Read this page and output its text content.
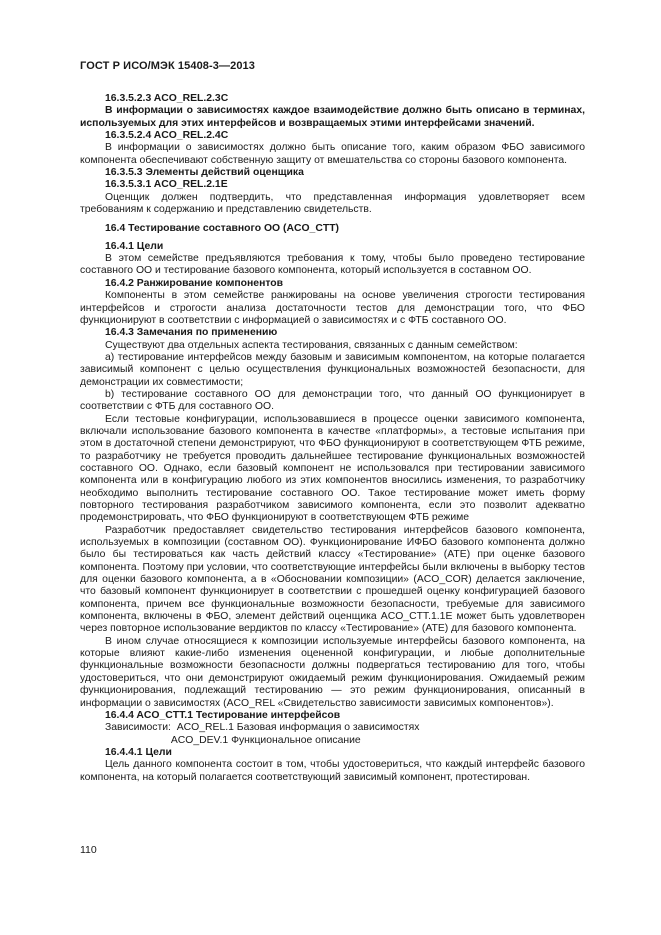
ГОСТ Р ИСО/МЭК 15408-3—2013

16.3.5.2.3 ACO_REL.2.3C

В информации о зависимостях каждое взаимодействие должно быть описано в терминах, используемых для этих интерфейсов и возвращаемых этими интерфейсами значений.

16.3.5.2.4 ACO_REL.2.4C

В информации о зависимостях должно быть описание того, каким образом ФБО зависимого компонента обеспечивают собственную защиту от вмешательства со стороны базового компонента.

16.3.5.3 Элементы действий оценщика

16.3.5.3.1 ACO_REL.2.1E

Оценщик должен подтвердить, что представленная информация удовлетворяет всем требованиям к содержанию и представлению свидетельств.

16.4 Тестирование составного ОО (ACO_CTT)

16.4.1 Цели

В этом семействе предъявляются требования к тому, чтобы было проведено тестирование составного ОО и тестирование базового компонента, который используется в составном ОО.

16.4.2 Ранжирование компонентов

Компоненты в этом семействе ранжированы на основе увеличения строгости тестирования интерфейсов и строгости анализа достаточности тестов для демонстрации того, что ФБО функционируют в соответствии с информацией о зависимостях и с ФТБ составного ОО.

16.4.3 Замечания по применению

Существуют два отдельных аспекта тестирования, связанных с данным семейством:

a) тестирование интерфейсов между базовым и зависимым компонентом, на которые полагается зависимый компонент с целью осуществления функциональных возможностей безопасности, для демонстрации их совместимости;

b) тестирование составного ОО для демонстрации того, что данный ОО функционирует в соответствии с ФТБ для составного ОО.

Если тестовые конфигурации, использовавшиеся в процессе оценки зависимого компонента, включали использование базового компонента в качестве «платформы», а тестовые испытания при этом в достаточной степени демонстрируют, что ФБО функционируют в соответствующем ФТБ режиме, то разработчику не требуется проводить дальнейшее тестирование функциональных возможностей составного ОО. Однако, если базовый компонент не использовался при тестировании зависимого компонента или в конфигурацию любого из этих компонентов вносились изменения, то разработчику необходимо выполнить тестирование составного ОО. Такое тестирование может иметь форму повторного тестирования разработчиком зависимого компонента, если это позволит адекватно продемонстрировать, что ФБО функционируют в соответствующем ФТБ режиме

Разработчик предоставляет свидетельство тестирования интерфейсов базового компонента, используемых в композиции (составном ОО). Функционирование ИФБО базового компонента должно было бы тестироваться как часть действий классу «Тестирование» (ATE) при оценке базового компонента. Поэтому при условии, что соответствующие интерфейсы были включены в выборку тестов для оценки базового компонента, а в «Обосновании композиции» (ACO_COR) делается заключение, что базовый компонент функционирует в соответствии с прошедшей оценку конфигурацией базового компонента, причем все функциональные возможности безопасности, требуемые для зависимого компонента, включены в ФБО, элемент действий оценщика ACO_CTT.1.1E может быть удовлетворен через повторное использование вердиктов по классу «Тестирование» (ATE) для базового компонента.

В ином случае относящиеся к композиции используемые интерфейсы базового компонента, на которые влияют какие-либо изменения оцененной конфигурации, и любые дополнительные функциональные возможности безопасности должны подвергаться тестированию для того, чтобы удостовериться, что они демонстрируют ожидаемый режим функционирования. Ожидаемый режим функционирования, подлежащий тестированию — это режим функционирования, описанный в информации о зависимостях (ACO_REL «Свидетельство зависимости зависимых компонентов»).

16.4.4 ACO_CTT.1 Тестирование интерфейсов

Зависимости:  ACO_REL.1 Базовая информация о зависимостях

ACO_DEV.1 Функциональное описание

16.4.4.1 Цели

Цель данного компонента состоит в том, чтобы удостовериться, что каждый интерфейс базового компонента, на который полагается соответствующий зависимый компонент, протестирован.

110
